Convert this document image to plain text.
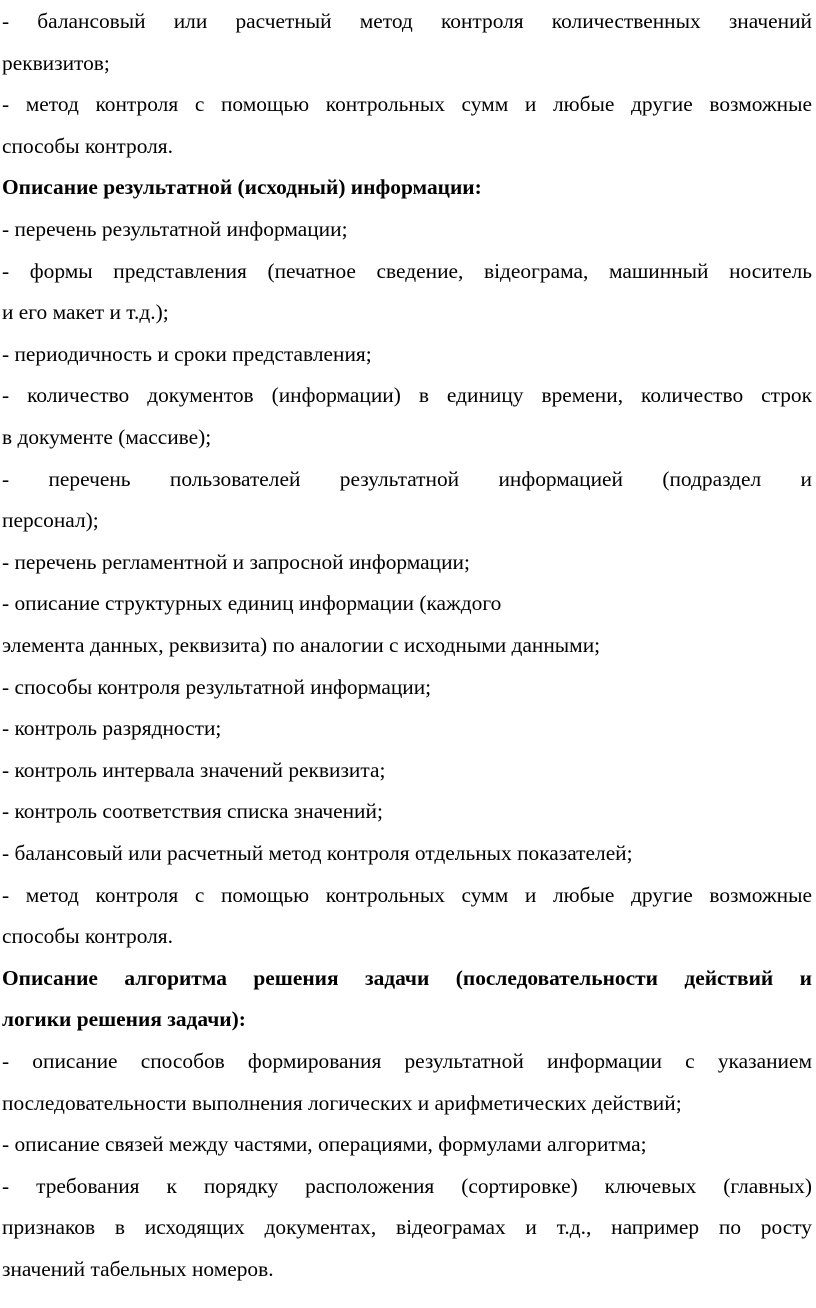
- балансовый или расчетный метод контроля количественных значений
реквизитов;
- метод контроля с помощью контрольных сумм и любые другие возможные
способы контроля.
Описание результатной (исходный) информации:
- перечень результатной информации;
- формы представления (печатное сведение, відеограма, машинный носитель
и его макет и т.д.);
- периодичность и сроки представления;
- количество документов (информации) в единицу времени, количество строк
в документе (массиве);
- перечень пользователей результатной информацией (подраздел и
персонал);
- перечень регламентной и запросной информации;
- описание структурных единиц информации (каждого
элемента данных, реквизита) по аналогии с исходными данными;
- способы контроля результатной информации;
- контроль разрядности;
- контроль интервала значений реквизита;
- контроль соответствия списка значений;
- балансовый или расчетный метод контроля отдельных показателей;
- метод контроля с помощью контрольных сумм и любые другие возможные
способы контроля.
Описание алгоритма решения задачи (последовательности действий и
логики решения задачи):
- описание способов формирования результатной информации с указанием
последовательности выполнения логических и арифметических действий;
- описание связей между частями, операциями, формулами алгоритма;
- требования к порядку расположения (сортировке) ключевых (главных)
признаков в исходящих документах, відеограмах и т.д., например по росту
значений табельных номеров.
